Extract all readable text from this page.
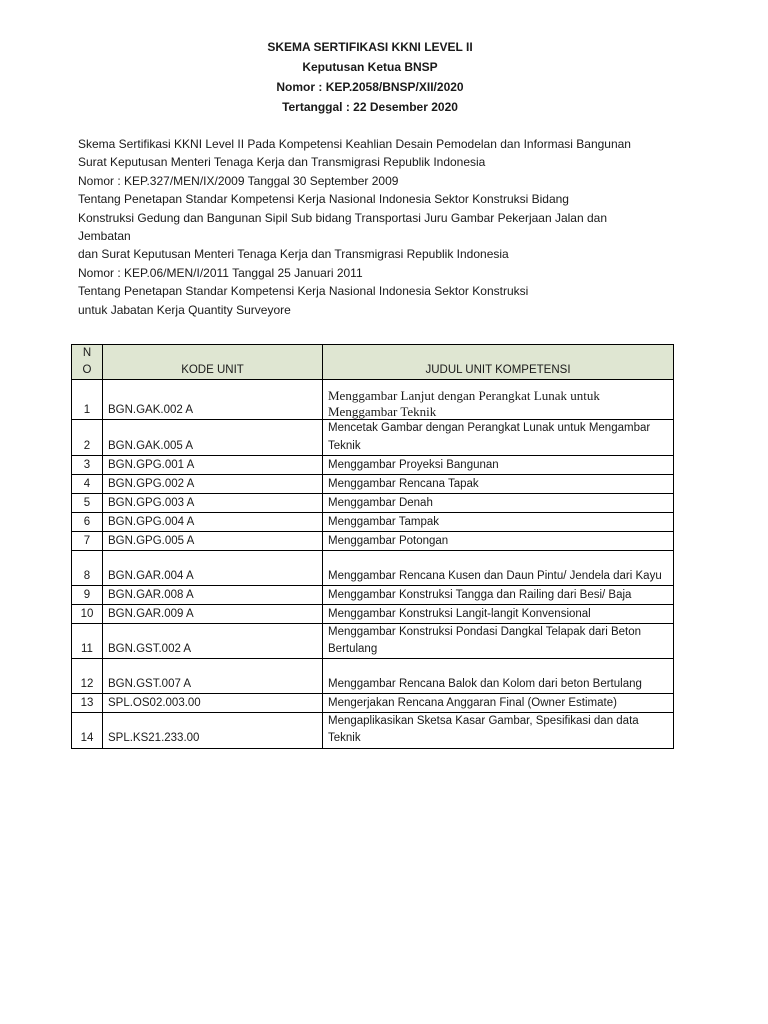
SKEMA SERTIFIKASI KKNI LEVEL II
Keputusan Ketua BNSP
Nomor : KEP.2058/BNSP/XII/2020
Tertanggal : 22 Desember 2020
Skema Sertifikasi KKNI Level II Pada Kompetensi Keahlian Desain Pemodelan dan Informasi Bangunan
Surat Keputusan Menteri Tenaga Kerja dan Transmigrasi Republik Indonesia
Nomor : KEP.327/MEN/IX/2009 Tanggal 30 September 2009
Tentang Penetapan Standar Kompetensi Kerja Nasional Indonesia Sektor Konstruksi Bidang
Konstruksi Gedung dan Bangunan Sipil Sub bidang Transportasi Juru Gambar Pekerjaan Jalan dan
Jembatan
dan Surat Keputusan Menteri Tenaga Kerja dan Transmigrasi Republik Indonesia
Nomor : KEP.06/MEN/I/2011 Tanggal 25 Januari 2011
Tentang Penetapan Standar Kompetensi Kerja Nasional Indonesia Sektor Konstruksi
untuk Jabatan Kerja Quantity Surveyore
N
O	KODE UNIT	JUDUL UNIT KOMPETENSI
1	BGN.GAK.002 A	Menggambar Lanjut dengan Perangkat Lunak untuk Menggambar Teknik
2	BGN.GAK.005 A	Mencetak Gambar dengan Perangkat Lunak untuk Mengambar Teknik
3	BGN.GPG.001 A	Menggambar Proyeksi Bangunan
4	BGN.GPG.002 A	Menggambar Rencana Tapak
5	BGN.GPG.003 A	Menggambar Denah
6	BGN.GPG.004 A	Menggambar Tampak
7	BGN.GPG.005 A	Menggambar Potongan
8	BGN.GAR.004 A	Menggambar Rencana Kusen dan Daun Pintu/ Jendela dari Kayu
9	BGN.GAR.008 A	Menggambar Konstruksi Tangga dan Railing dari Besi/ Baja
10	BGN.GAR.009 A	Menggambar Konstruksi Langit-langit Konvensional
11	BGN.GST.002 A	Menggambar Konstruksi Pondasi Dangkal Telapak dari Beton Bertulang
12	BGN.GST.007 A	Menggambar Rencana Balok dan Kolom dari beton Bertulang
13	SPL.OS02.003.00	Mengerjakan Rencana Anggaran Final (Owner Estimate)
14	SPL.KS21.233.00	Mengaplikasikan Sketsa Kasar Gambar, Spesifikasi dan data Teknik
